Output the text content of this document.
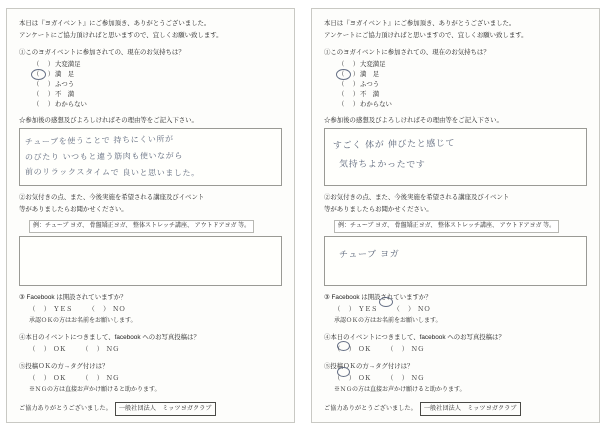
本日は『ヨガイベント』にご参加頂き、ありがとうございました。

アンケートにご協力頂ければと思いますので、宜しくお願い致します。

①このヨガイベントに参加されての、現在のお気持ちは？

（　） 大変満足
（　） 満　足
（　） ふつう
（　） 不　満
（　） わからない

☆参加後の感想及びよろしければその理由等をご記入下さい。

チューブを使うことで 持ちにくい所が
のびたり いつもと違う筋肉も使いながら
前のリラックスタイムで 良いと思いました。

②お気付きの点、また、今後実施を希望される講座及びイベント

等がありましたらお聞かせください。

例：チューブ ヨガ、 骨盤矯正ヨガ、 整体ストレッチ講座、 アウトドアヨガ 等。

③ Facebook は開設されていますか？

（　） ＹＥＳ	（　） ＮＯ

承認ＯＫの方はお名前をお願いします。

④本日のイベントにつきまして、facebook へのお写真投稿は？

（　） ＯＫ	（　） ＮＧ

⑤投稿ＯＫの方→タグ付けは？

（　） ＯＫ	（　） ＮＧ

※ＮＧの方は直接お声かけ願けると助かります。

ご協力ありがとうございました。	一般社団法人　ミッツヨガクラブ

本日は『ヨガイベント』にご参加頂き、ありがとうございました。

アンケートにご協力頂ければと思いますので、宜しくお願い致します。

①このヨガイベントに参加されての、現在のお気持ちは？

（　） 大変満足
（　） 満　足
（　） ふつう
（　） 不　満
（　） わからない

☆参加後の感想及びよろしければその理由等をご記入下さい。

すごく 体が 伸びたと感じて
気持ちよかったです

②お気付きの点、また、今後実施を希望される講座及びイベント

等がありましたらお聞かせください。

例：チューブ ヨガ、 骨盤矯正ヨガ、 整体ストレッチ講座、 アウトドアヨガ 等。
チューブ ヨガ

③ Facebook は開設されていますか？

（　） ＹＥＳ	（　） ＮＯ

承認ＯＫの方はお名前をお願いします。

④本日のイベントにつきまして、facebook へのお写真投稿は？

（　） ＯＫ	（　） ＮＧ

⑤投稿ＯＫの方→タグ付けは？

（　） ＯＫ	（　） ＮＧ

※ＮＧの方は直接お声かけ願けると助かります。

ご協力ありがとうございました。	一般社団法人　ミッツヨガクラブ
